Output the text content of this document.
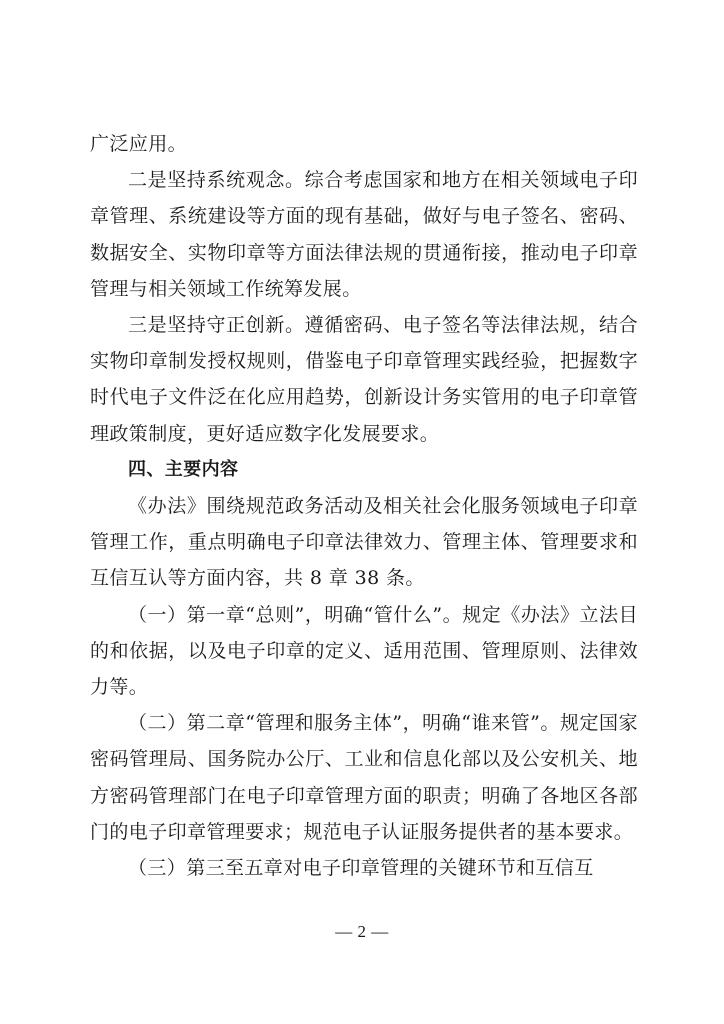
广泛应用。

二是坚持系统观念。综合考虑国家和地方在相关领域电子印章管理、系统建设等方面的现有基础，做好与电子签名、密码、数据安全、实物印章等方面法律法规的贯通衔接，推动电子印章管理与相关领域工作统筹发展。

三是坚持守正创新。遵循密码、电子签名等法律法规，结合实物印章制发授权规则，借鉴电子印章管理实践经验，把握数字时代电子文件泛在化应用趋势，创新设计务实管用的电子印章管理政策制度，更好适应数字化发展要求。

四、主要内容

《办法》围绕规范政务活动及相关社会化服务领域电子印章管理工作，重点明确电子印章法律效力、管理主体、管理要求和互信互认等方面内容，共 8 章 38 条。

（一）第一章“总则”，明确“管什么”。规定《办法》立法目的和依据，以及电子印章的定义、适用范围、管理原则、法律效力等。

（二）第二章“管理和服务主体”，明确“谁来管”。规定国家密码管理局、国务院办公厅、工业和信息化部以及公安机关、地方密码管理部门在电子印章管理方面的职责；明确了各地区各部门的电子印章管理要求；规范电子认证服务提供者的基本要求。

（三）第三至五章对电子印章管理的关键环节和互信互

— 2 —
